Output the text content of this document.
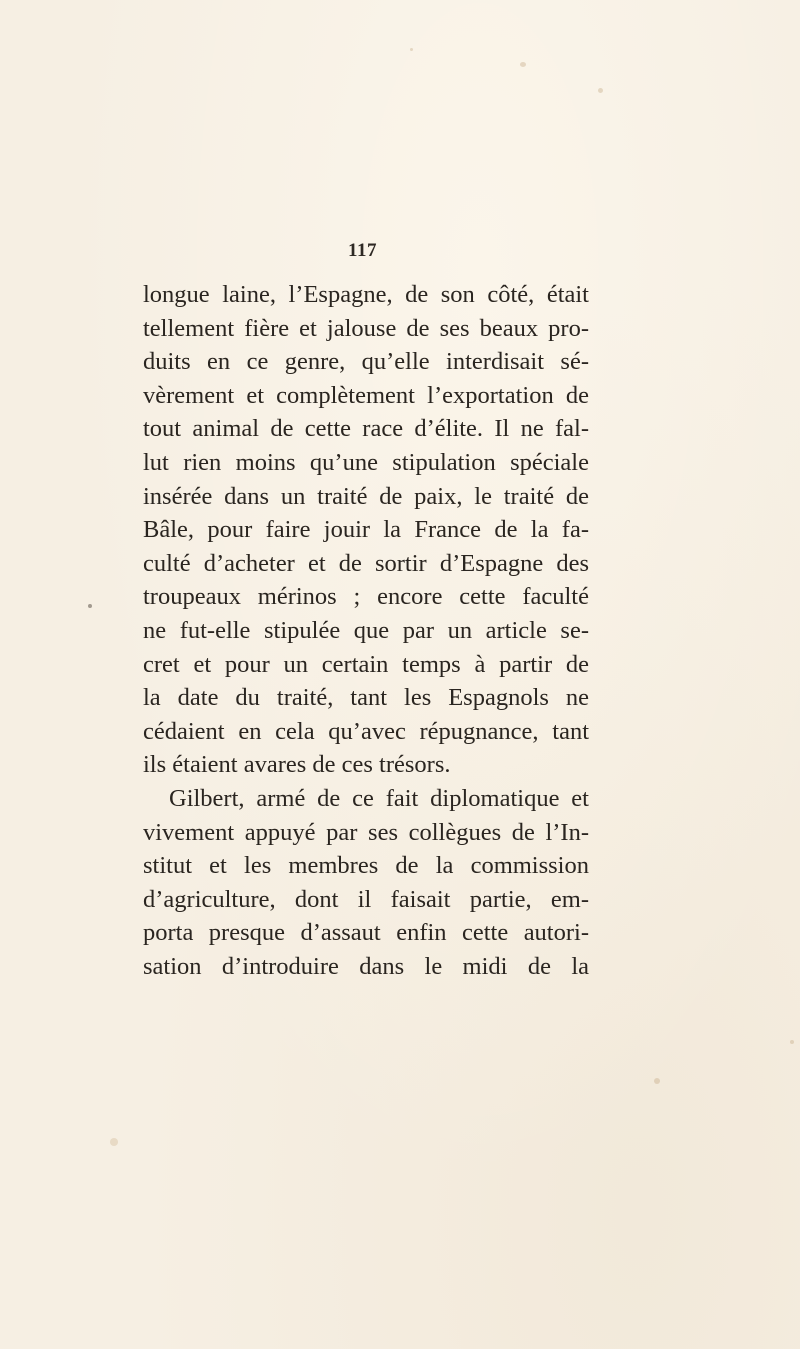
117
longue laine, l’Espagne, de son côté, était
tellement fière et jalouse de ses beaux pro-
duits en ce genre, qu’elle interdisait sé-
vèrement et complètement l’exportation de
tout animal de cette race d’élite. Il ne fal-
lut rien moins qu’une stipulation spéciale
insérée dans un traité de paix, le traité de
Bâle, pour faire jouir la France de la fa-
culté d’acheter et de sortir d’Espagne des
troupeaux mérinos ; encore cette faculté
ne fut-elle stipulée que par un article se-
cret et pour un certain temps à partir de
la date du traité, tant les Espagnols ne
cédaient en cela qu’avec répugnance, tant
ils étaient avares de ces trésors.
Gilbert, armé de ce fait diplomatique et
vivement appuyé par ses collègues de l’In-
stitut et les membres de la commission
d’agriculture, dont il faisait partie, em-
porta presque d’assaut enfin cette autori-
sation d’introduire dans le midi de la
